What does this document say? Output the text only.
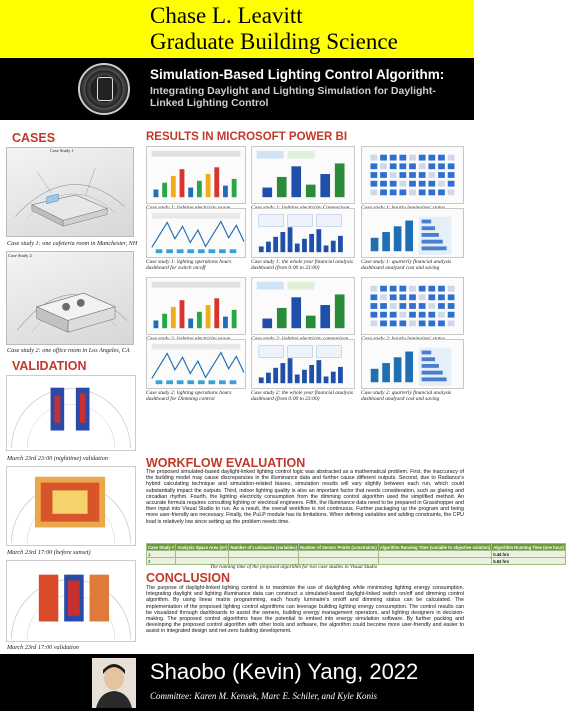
Chase L. Leavitt
Graduate Building Science
Simulation-Based Lighting Control Algorithm:
Integrating Daylight and Lighting Simulation for Daylight-Linked Lighting Control
CASES
Case Study 1
Case study 1: one cafeteria room in Manchester, NH
Case Study 2
Case study 2: one office room in Los Angeles, CA
VALIDATION
March 23rd 23:00 (nighttime) validation
March 23rd 17:00 (before sunset)
March 23rd 17:00 validation
RESULTS IN MICROSOFT POWER BI
Case study 1: lighting operations hours dashboard for switch on/off
Case study 1: the whole year financial analysis dashboard (from 0:00 to 23:00)
Case study 1: quarterly financial analysis dashboard analyzed cost and saving
Case study 2: lighting operations hours dashboard for Dimming control
Case study 2: the whole year financial analysis dashboard (from 0:00 to 23:00)
Case study 2: quarterly financial analysis dashboard analyzed cost and saving
WORKFLOW EVALUATION
The proposed simulated-based daylight-linked lighting control logic was abstracted as a mathematical problem. First, the inaccuracy of the building model may cause discrepancies in the illuminance data and further cause different outputs. Second, due to Radiance's hybrid calculating technique and simulation-related biases, simulation results will vary slightly between each run, which could substantially impact the outputs. Third, indoor lighting quality is also an important factor that needs consideration, such as glaring and circadian rhythm. Fourth, the lighting electricity consumption from the dimming control algorithm used the simplified method. An accurate formula requires consulting lighting or electrical engineers. Fifth, the illuminance data need to be prepared in Grasshopper and then input into Visual Studio to run. As a result, the overall workflow is not continuous. Further packaging up the program and being more user-friendly are necessary. Finally, the PuLP module has its limitations. When defining variables and adding constraints, the CPU load is relatively low since setting up the problem needs time.
Case Study #	Analysis Space Area (m²)	Number of Luminaires (variables)	Number of Sensor Points (constraints)	Algorithm Running Time (variable to objective solution)	Algorithm Running Time (one hour)
1					0.44 hrs
2					5.62 hrs
The running time of the proposed algorithm for two case studies in Visual Studio
CONCLUSION
The purpose of daylight-linked lighting control is to maximize the use of daylighting while minimizing lighting energy consumption. Integrating daylight and lighting illuminance data can construct a simulated-based daylight-linked switch on/off and dimming control algorithm. By using linear matrix programming, each hourly luminaire's on/off and dimming status can be calculated. The implementation of the proposed lighting control algorithms can leverage building lighting energy consumption. The control results can be visualized through dashboards to assist the owners, building energy management operators, and lighting designers in decision-making. The proposed control algorithms have the potential to embed into energy simulation software. By further packing and developing the proposed control algorithm with other tools and software, the algorithm could become more user-friendly and easier to assist in integrated design and net-zero building development.
Shaobo (Kevin) Yang, 2022
Committee: Karen M. Kensek, Marc E. Schiler, and Kyle Konis
